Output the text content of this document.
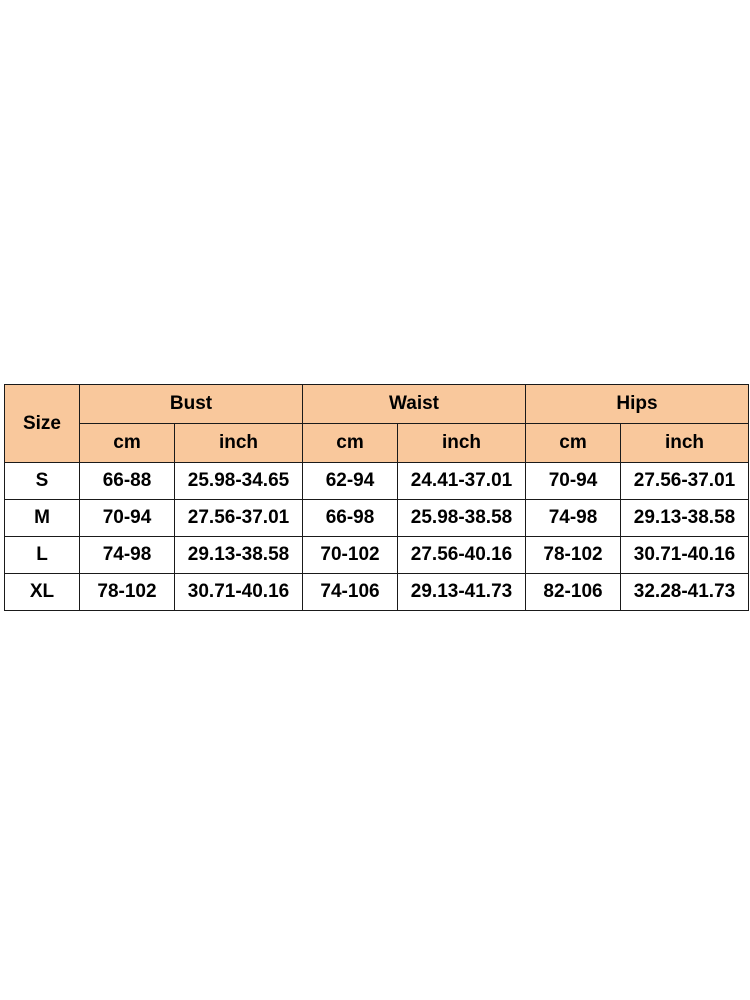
Size	Bust		Waist		Hips	
	cm	inch	cm	inch	cm	inch
S	66-88	25.98-34.65	62-94	24.41-37.01	70-94	27.56-37.01
M	70-94	27.56-37.01	66-98	25.98-38.58	74-98	29.13-38.58
L	74-98	29.13-38.58	70-102	27.56-40.16	78-102	30.71-40.16
XL	78-102	30.71-40.16	74-106	29.13-41.73	82-106	32.28-41.73
